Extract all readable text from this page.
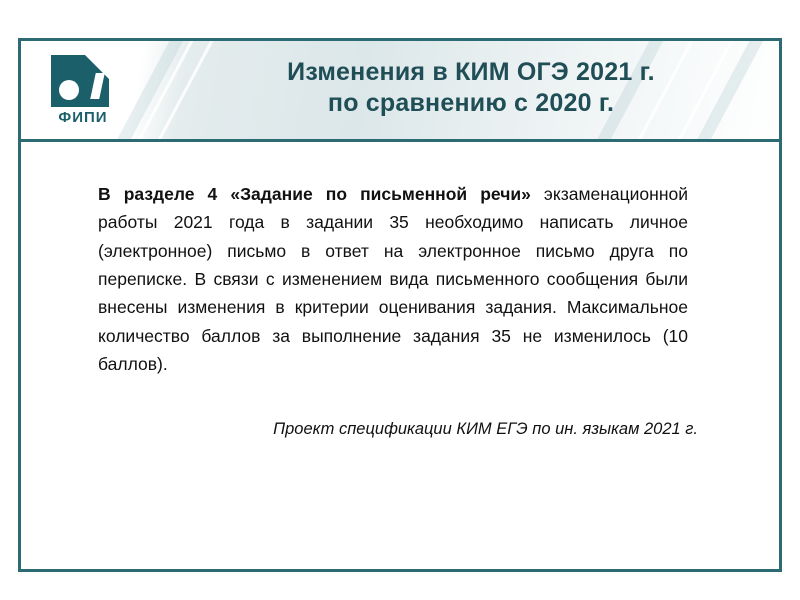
ФИПИ
Изменения в КИМ ОГЭ 2021 г.
по сравнению с 2020 г.
В разделе 4 «Задание по письменной речи» экзаменационной работы 2021 года в задании 35 необходимо написать личное (электронное) письмо в ответ на электронное письмо друга по переписке. В связи с изменением вида письменного сообщения были внесены изменения в критерии оценивания задания. Максимальное количество баллов за выполнение задания 35 не изменилось (10 баллов).
Проект спецификации КИМ ЕГЭ по ин. языкам 2021 г.
